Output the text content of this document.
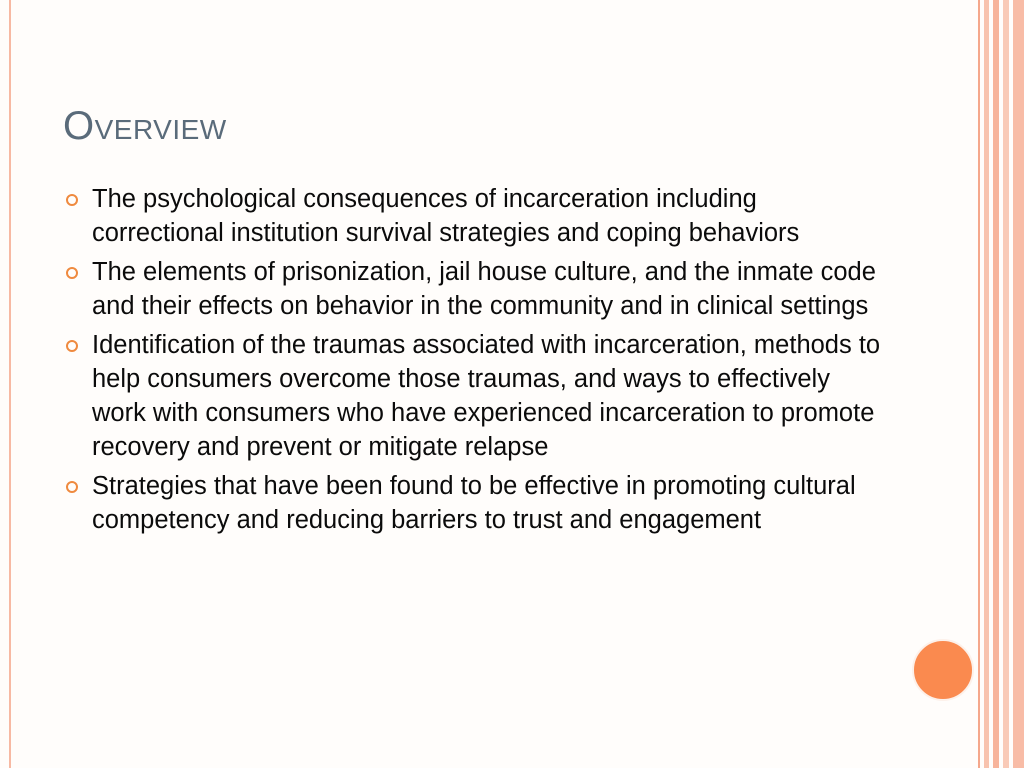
Overview
The psychological consequences of incarceration including correctional institution survival strategies and coping behaviors
The elements of prisonization, jail house culture, and the inmate code and their effects on behavior in the community and in clinical settings
Identification of the traumas associated with incarceration, methods to help consumers overcome those traumas, and ways to effectively work with consumers who have experienced incarceration to promote recovery and prevent or mitigate relapse
Strategies that have been found to be effective in promoting cultural competency and reducing barriers to trust and engagement
